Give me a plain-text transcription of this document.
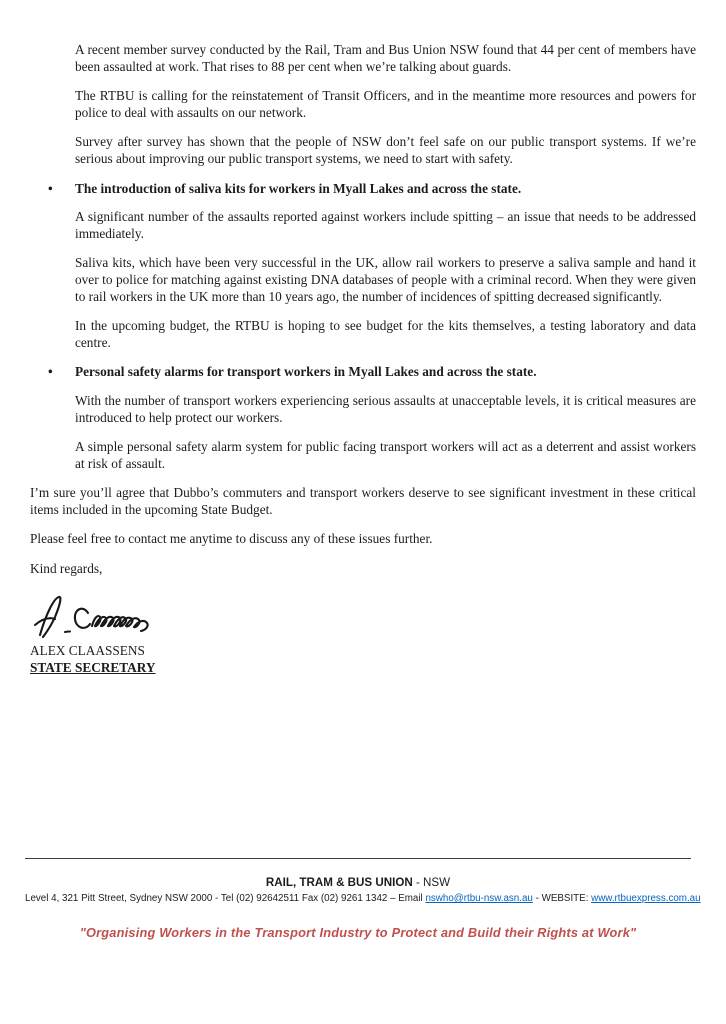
A recent member survey conducted by the Rail, Tram and Bus Union NSW found that 44 per cent of members have been assaulted at work. That rises to 88 per cent when we’re talking about guards.
The RTBU is calling for the reinstatement of Transit Officers, and in the meantime more resources and powers for police to deal with assaults on our network.
Survey after survey has shown that the people of NSW don’t feel safe on our public transport systems. If we’re serious about improving our public transport systems, we need to start with safety.
•	The introduction of saliva kits for workers in Myall Lakes and across the state.
A significant number of the assaults reported against workers include spitting – an issue that needs to be addressed immediately.
Saliva kits, which have been very successful in the UK, allow rail workers to preserve a saliva sample and hand it over to police for matching against existing DNA databases of people with a criminal record. When they were given to rail workers in the UK more than 10 years ago, the number of incidences of spitting decreased significantly.
In the upcoming budget, the RTBU is hoping to see budget for the kits themselves, a testing laboratory and data centre.
•	Personal safety alarms for transport workers in Myall Lakes and across the state.
With the number of transport workers experiencing serious assaults at unacceptable levels, it is critical measures are introduced to help protect our workers.
A simple personal safety alarm system for public facing transport workers will act as a deterrent and assist workers at risk of assault.
I’m sure you’ll agree that Dubbo’s commuters and transport workers deserve to see significant investment in these critical items included in the upcoming State Budget.
Please feel free to contact me anytime to discuss any of these issues further.
Kind regards,
ALEX CLAASSENS
STATE SECRETARY
RAIL, TRAM & BUS UNION - NSW
Level 4, 321 Pitt Street, Sydney NSW 2000 - Tel (02) 92642511 Fax (02) 9261 1342 – Email nswho@rtbu-nsw.asn.au - WEBSITE: www.rtbuexpress.com.au
"Organising Workers in the Transport Industry to Protect and Build their Rights at Work"
